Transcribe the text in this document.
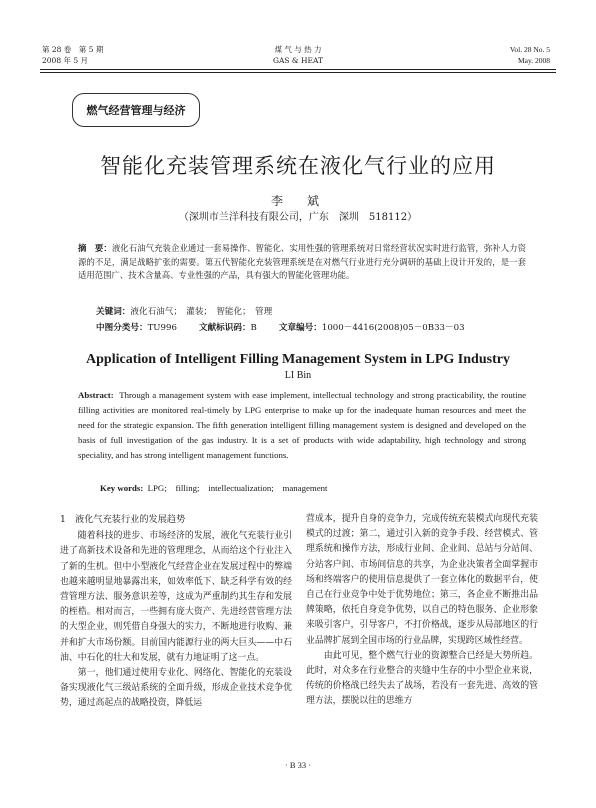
第 28 卷　第 5 期
2008 年 5 月
煤 气 与 热 力
GAS & HEAT
Vol. 28 No. 5
May. 2008
燃气经营管理与经济
智能化充装管理系统在液化气行业的应用
李　斌
（深圳市兰洋科技有限公司，广东　深圳　518112）
摘　要：液化石油气充装企业通过一套易操作、智能化、实用性强的管理系统对日常经营状况实时进行监管，弥补人力资源的不足，满足战略扩张的需要。第五代智能化充装管理系统是在对燃气行业进行充分调研的基础上设计开发的，是一套适用范围广、技术含量高、专业性强的产品，具有强大的智能化管理功能。
关键词：液化石油气；　灌装；　智能化；　管理
中图分类号：TU996	文献标识码：B	文章编号：1000－4416(2008)05－0B33－03
Application of Intelligent Filling Management System in LPG Industry
LI Bin
Abstract: Through a management system with ease implement, intellectual technology and strong practicability, the routine filling activities are monitored real-timely by LPG enterprise to make up for the inadequate human resources and meet the need for the strategic expansion. The fifth generation intelligent filling management system is designed and developed on the basis of full investigation of the gas industry. It is a set of products with wide adaptability, high technology and strong speciality, and has strong intelligent management functions.
Key words: LPG;　filling;　intellectualization;　management
1　液化气充装行业的发展趋势

随着科技的进步、市场经济的发展，液化气充装行业引进了高新技术设备和先进的管理理念，从而给这个行业注入了新的生机。但中小型液化气经营企业在发展过程中的弊端也越来越明显地暴露出来，如效率低下、缺乏科学有效的经营管理方法、服务意识差等，这成为严重制约其生存和发展的桎梏。相对而言，一些拥有庞大资产、先进经营管理方法的大型企业，则凭借自身强大的实力，不断地进行收购、兼并和扩大市场份额。目前国内能源行业的两大巨头——中石油、中石化的壮大和发展，就有力地证明了这一点。

第一，他们通过使用专业化、网络化、智能化的充装设备实现液化气三级站系统的全面升级，形成企业技术竞争优势，通过高起点的战略投资，降低运

营成本，提升自身的竞争力，完成传统充装模式向现代充装模式的过渡；第二，通过引入新的竞争手段、经营模式、管理系统和操作方法，形成行业间、企业间、总站与分站间、分站客户间、市场间信息的共享，为企业决策者全面掌握市场和终端客户的使用信息提供了一套立体化的数据平台，使自己在行业竞争中处于优势地位；第三，各企业不断推出品牌策略，依托自身竞争优势，以自己的特色服务、企业形象来吸引客户，引导客户，不打价格战，逐步从局部地区的行业品牌扩展到全国市场的行业品牌，实现跨区域性经营。

由此可见，整个燃气行业的资源整合已经是大势所趋。此时，对众多在行业整合的夹缝中生存的中小型企业来说，传统的价格战已经失去了战场，若没有一套先进、高效的管理方法，摆脱以往的思维方

· B 33 ·
